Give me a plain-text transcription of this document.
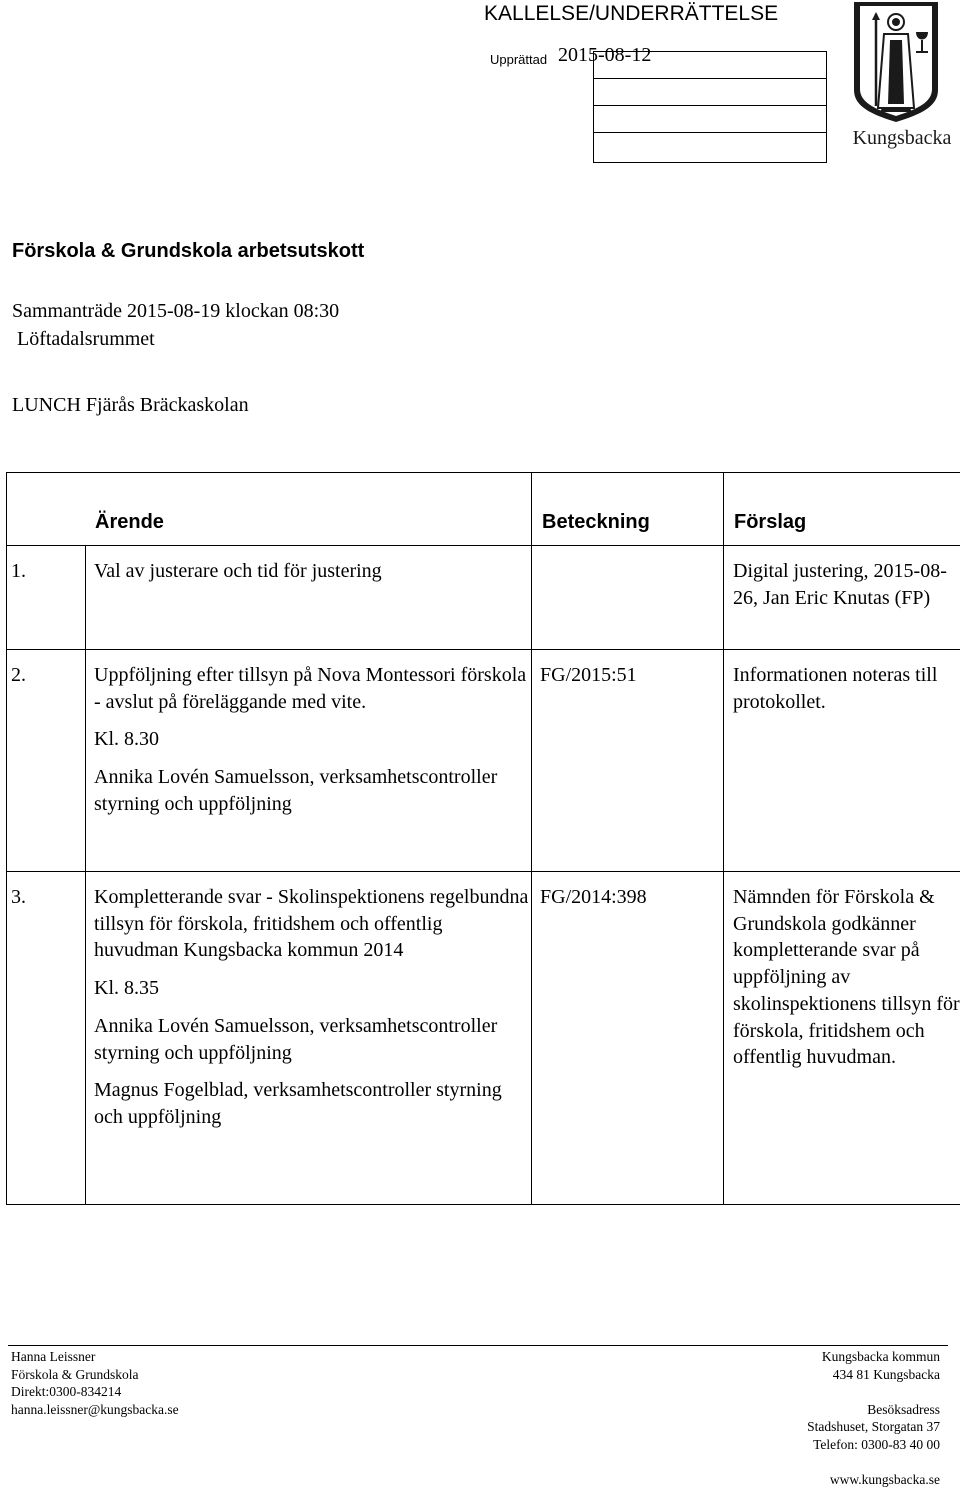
KALLELSE/UNDERRÄTTELSE
Upprättad 2015-08-12
Kungsbacka
Förskola & Grundskola arbetsutskott
Sammanträde 2015-08-19 klockan 08:30
Löftadalsrummet
LUNCH Fjärås Bräckaskolan
Ärende		Beteckning	Förslag
1.	Val av justerare och tid för justering		Digital justering, 2015-08-26, Jan Eric Knutas (FP)
2.	Uppföljning efter tillsyn på Nova Montessori förskola - avslut på föreläggande med vite.
Kl. 8.30
Annika Lovén Samuelsson, verksamhetscontroller styrning och uppföljning	FG/2015:51	Informationen noteras till protokollet.
3.	Kompletterande svar - Skolinspektionens regelbundna tillsyn för förskola, fritidshem och offentlig huvudman Kungsbacka kommun 2014
Kl. 8.35
Annika Lovén Samuelsson, verksamhetscontroller styrning och uppföljning
Magnus Fogelblad, verksamhetscontroller styrning och uppföljning	FG/2014:398	Nämnden för Förskola & Grundskola godkänner kompletterande svar på uppföljning av skolinspektionens tillsyn för förskola, fritidshem och offentlig huvudman.
Hanna Leissner
Förskola & Grundskola
Direkt:0300-834214
hanna.leissner@kungsbacka.se
Kungsbacka kommun
434 81 Kungsbacka
Besöksadress
Stadshuset, Storgatan 37
Telefon: 0300-83 40 00
www.kungsbacka.se
